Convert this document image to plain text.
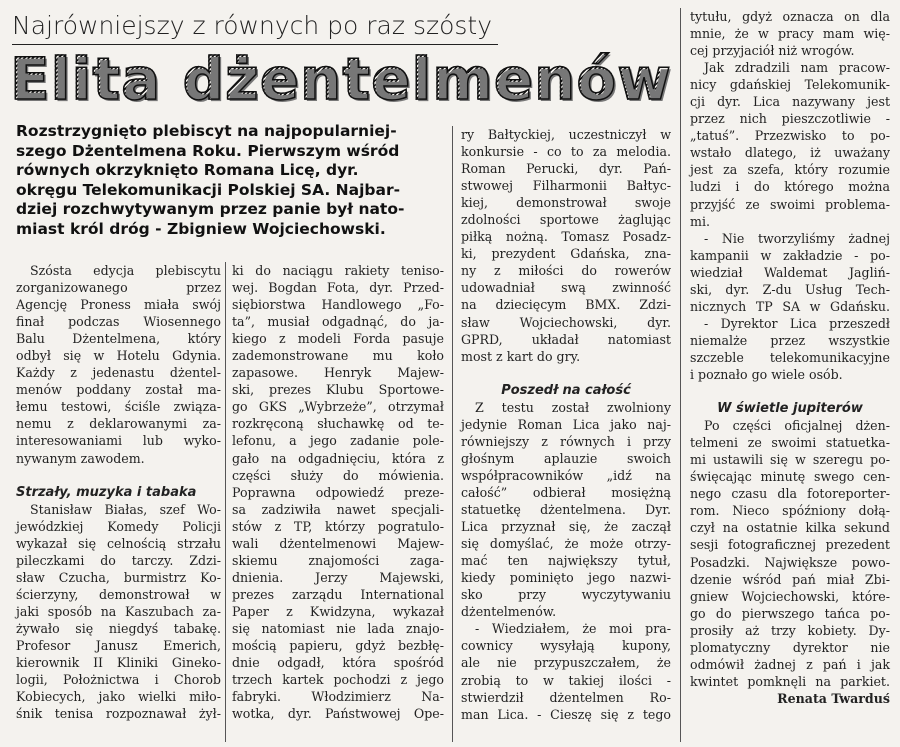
Najrówniejszy z równych po raz szósty
Elita dżentelmenów
Rozstrzygnięto plebiscyt na najpopularniej-
szego Dżentelmena Roku. Pierwszym wśród
równych okrzyknięto Romana Licę, dyr.
okręgu Telekomunikacji Polskiej SA. Najbar-
dziej rozchwytywanym przez panie był nato-
miast król dróg - Zbigniew Wojciechowski.
Szósta edycja plebiscytu
zorganizowanego przez
Agencję Proness miała swój
finał podczas Wiosennego
Balu Dżentelmena, który
odbył się w Hotelu Gdynia.
Każdy z jedenastu dżentel-
menów poddany został ma-
łemu testowi, ściśle związa-
nemu z deklarowanymi za-
interesowaniami lub wyko-
nywanym zawodem.
Strzały, muzyka i tabaka
Stanisław Białas, szef Wo-
jewódzkiej Komedy Policji
wykazał się celnością strzału
pileczkami do tarczy. Zdzi-
sław Czucha, burmistrz Ko-
ścierzyny, demonstrował w
jaki sposób na Kaszubach za-
żywało się niegdyś tabakę.
Profesor Janusz Emerich,
kierownik II Kliniki Gineko-
logii, Położnictwa i Chorob
Kobiecych, jako wielki miło-
śnik tenisa rozpoznawał żył-
ki do naciągu rakiety teniso-
wej. Bogdan Fota, dyr. Przed-
siębiorstwa Handlowego „Fo-
ta”, musiał odgadnąć, do ja-
kiego z modeli Forda pasuje
zademonstrowane mu koło
zapasowe. Henryk Majew-
ski, prezes Klubu Sportowe-
go GKS „Wybrzeże”, otrzymał
rozkręconą słuchawkę od te-
lefonu, a jego zadanie pole-
gało na odgadnięciu, która z
części służy do mówienia.
Poprawna odpowiedź preze-
sa zadziwiła nawet specjali-
stów z TP, którzy pogratulo-
wali dżentelmenowi Majew-
skiemu znajomości zaga-
dnienia. Jerzy Majewski,
prezes zarządu International
Paper z Kwidzyna, wykazał
się natomiast nie lada znajo-
mością papieru, gdyż bezbłę-
dnie odgadł, która spośród
trzech kartek pochodzi z jego
fabryki. Włodzimierz Na-
wotka, dyr. Państwowej Ope-
ry Bałtyckiej, uczestniczył w
konkursie - co to za melodia.
Roman Perucki, dyr. Pań-
stwowej Filharmonii Bałtyc-
kiej, demonstrował swoje
zdolności sportowe żaglując
piłką nożną. Tomasz Posadz-
ki, prezydent Gdańska, zna-
ny z miłości do rowerów
udowadniał swą zwinność
na dziecięcym BMX. Zdzi-
sław Wojciechowski, dyr.
GPRD, układał natomiast
most z kart do gry.
Poszedł na całość
Z testu został zwolniony
jedynie Roman Lica jako naj-
równiejszy z równych i przy
głośnym aplauzie swoich
współpracowników „idź na
całość” odbierał mosiężną
statuetkę dżentelmena. Dyr.
Lica przyznał się, że zaczął
się domyślać, że może otrzy-
mać ten największy tytuł,
kiedy pominięto jego nazwi-
sko przy wyczytywaniu
dżentelmenów.
- Wiedziałem, że moi pra-
cownicy wysyłają kupony,
ale nie przypuszczałem, że
zrobią to w takiej ilości -
stwierdził dżentelmen Ro-
man Lica. - Cieszę się z tego
tytułu, gdyż oznacza on dla
mnie, że w pracy mam wię-
cej przyjaciół niż wrogów.
Jak zdradzili nam pracow-
nicy gdańskiej Telekomunik-
cji dyr. Lica nazywany jest
przez nich pieszczotliwie -
„tatuś”. Przezwisko to po-
wstało dlatego, iż uważany
jest za szefa, który rozumie
ludzi i do którego można
przyjść ze swoimi problema-
mi.
- Nie tworzyliśmy żadnej
kampanii w zakładzie - po-
wiedział Waldemat Jagliń-
ski, dyr. Z-du Usług Tech-
nicznych TP SA w Gdańsku.
- Dyrektor Lica przeszedł
niemalże przez wszystkie
szczeble telekomunikacyjne
i poznało go wiele osób.
W świetle jupiterów
Po części oficjalnej dżen-
telmeni ze swoimi statuetka-
mi ustawili się w szeregu po-
święcając minutę swego cen-
nego czasu dla fotoreporter-
rom. Nieco spóźniony dołą-
czył na ostatnie kilka sekund
sesji fotograficznej prezedent
Posadzki. Największe powo-
dzenie wśród pań miał Zbi-
gniew Wojciechowski, które-
go do pierwszego tańca po-
prosiły aż trzy kobiety. Dy-
plomatyczny dyrektor nie
odmówił żadnej z pań i jak
kwintet pomknęli na parkiet.
Renata Twarduś
